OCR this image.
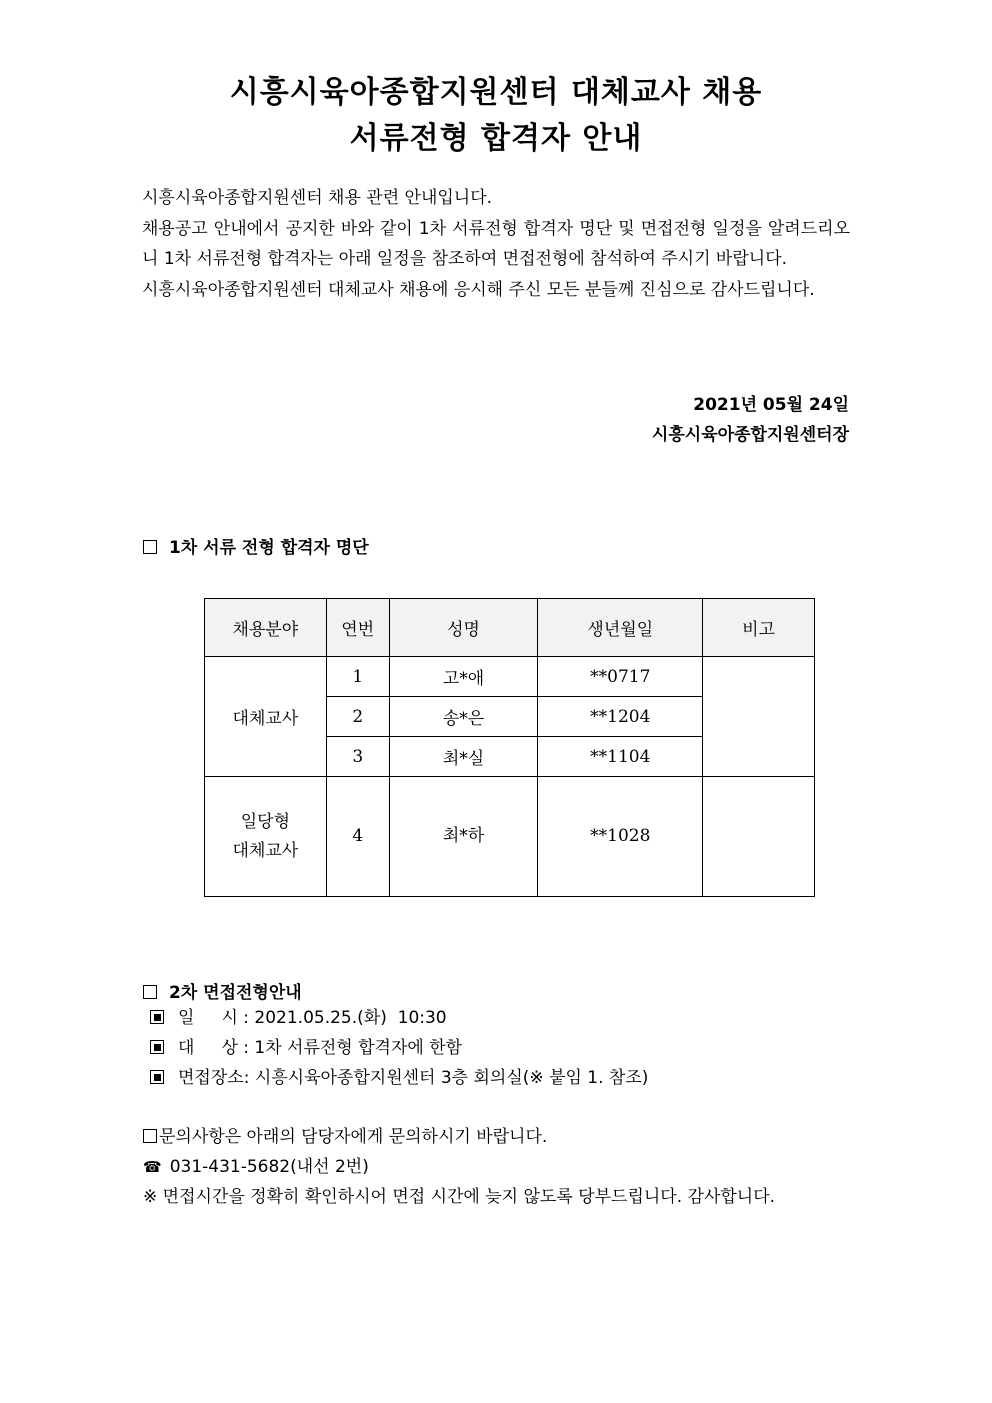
시흥시육아종합지원센터 대체교사 채용
서류전형 합격자 안내

시흥시육아종합지원센터 채용 관련 안내입니다.

채용공고 안내에서 공지한 바와 같이 1차 서류전형 합격자 명단 및 면접전형 일정을 알려드리오니 1차 서류전형 합격자는 아래 일정을 참조하여 면접전형에 참석하여 주시기 바랍니다.

시흥시육아종합지원센터 대체교사 채용에 응시해 주신 모든 분들께 진심으로 감사드립니다.

2021년 05월 24일
시흥시육아종합지원센터장
1차 서류 전형 합격자 명단
채용분야	연번	성명	생년월일	비고
대체교사	1	고*애	**0717	
	2	송*은	**1204	
	3	최*실	**1104	

일당형
대체교사	4	최*하	**1028	
2차 면접전형안내
일     시 : 2021.05.25.(화)  10:30
대     상 : 1차 서류전형 합격자에 한함
면접장소: 시흥시육아종합지원센터 3층 회의실(※ 붙임 1. 참조)
문의사항은 아래의 담당자에게 문의하시기 바랍니다.
☎ 031-431-5682(내선 2번)
※ 면접시간을 정확히 확인하시어 면접 시간에 늦지 않도록 당부드립니다. 감사합니다.
